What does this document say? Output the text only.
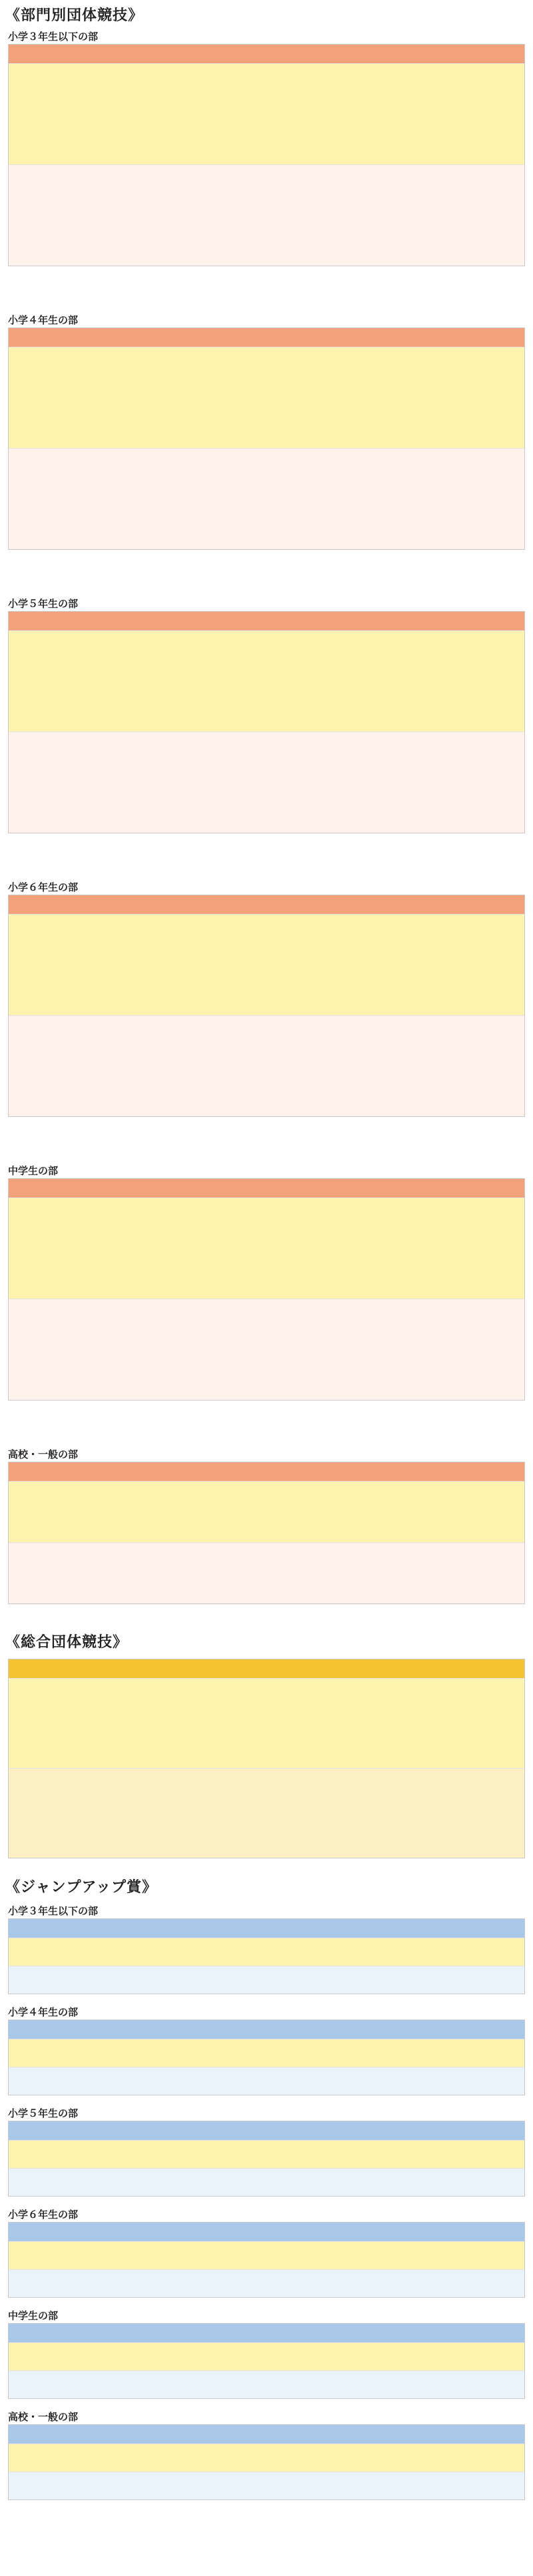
《部門別団体競技》
小学３年生以下の部
小学４年生の部
小学５年生の部
小学６年生の部
中学生の部
高校・一般の部
《総合団体競技》
《ジャンプアップ賞》
小学３年生以下の部
小学４年生の部
小学５年生の部
小学６年生の部
中学生の部
高校・一般の部
